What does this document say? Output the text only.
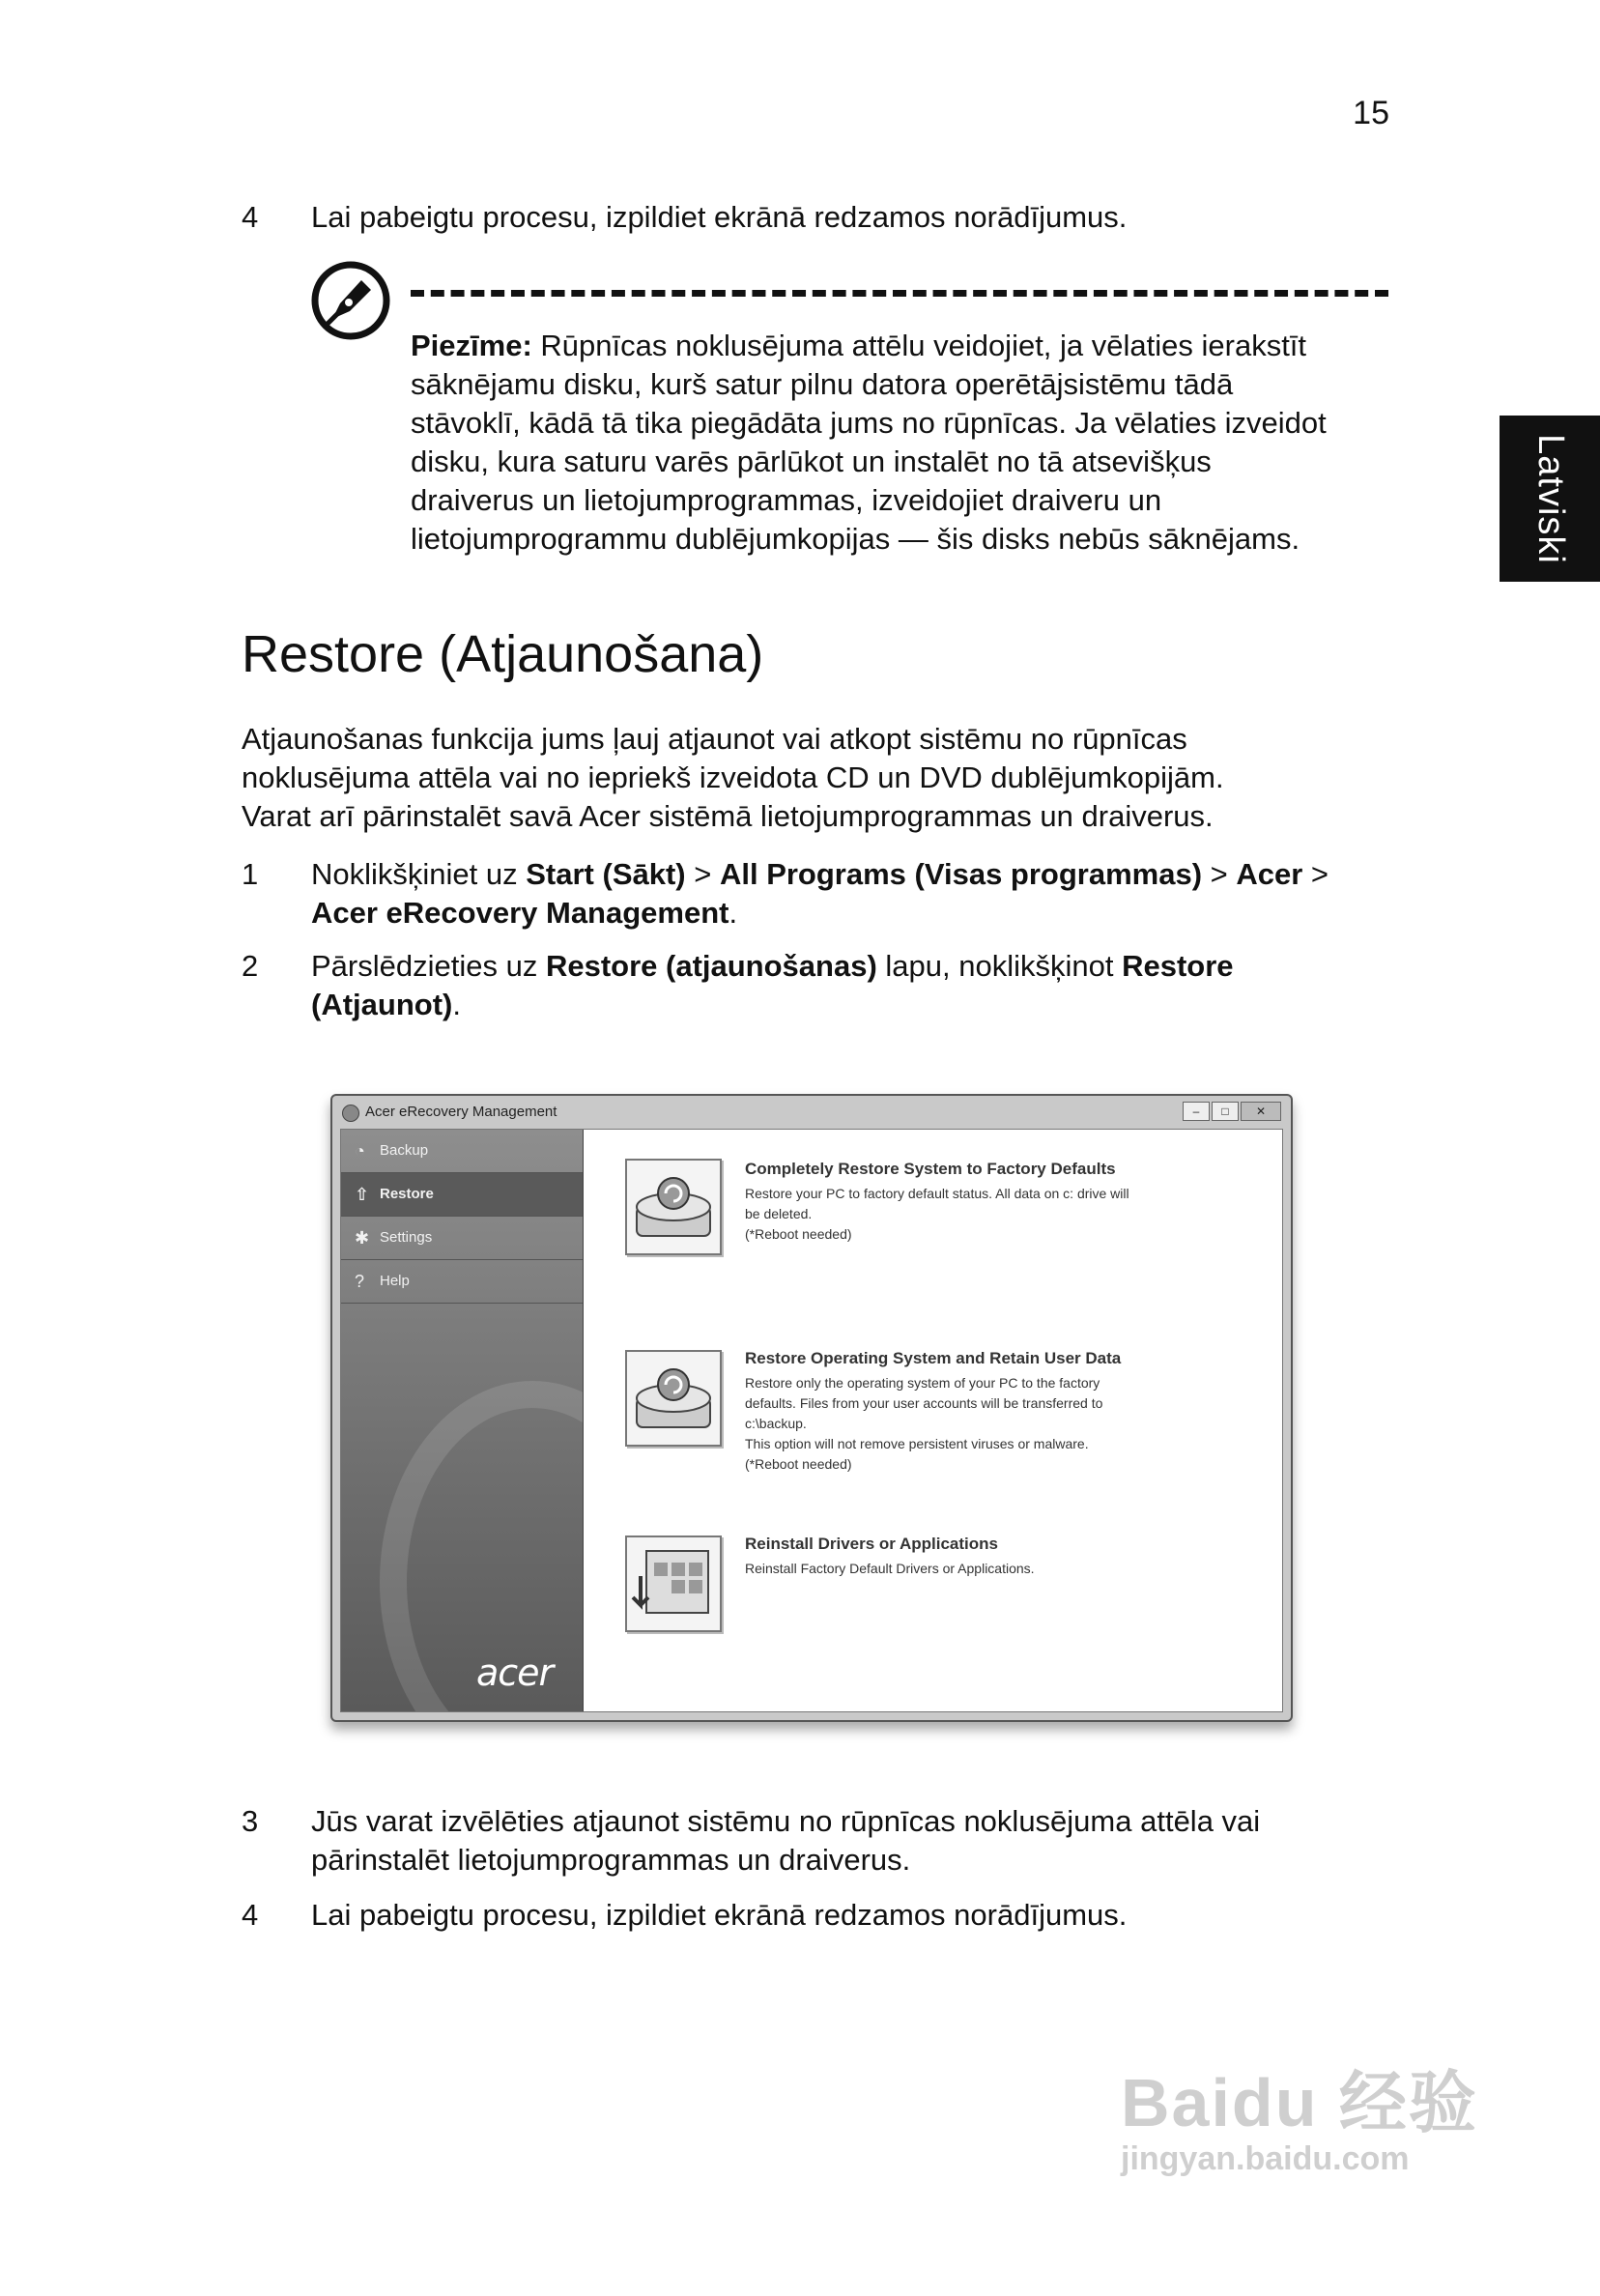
15
Latviski
4 Lai pabeigtu procesu, izpildiet ekrānā redzamos norādījumus.
Piezīme: Rūpnīcas noklusējuma attēlu veidojiet, ja vēlaties ierakstīt
sāknējamu disku, kurš satur pilnu datora operētājsistēmu tādā
stāvoklī, kādā tā tika piegādāta jums no rūpnīcas. Ja vēlaties izveidot
disku, kura saturu varēs pārlūkot un instalēt no tā atsevišķus
draiverus un lietojumprogrammas, izveidojiet draiveru un
lietojumprogrammu dublējumkopijas — šis disks nebūs sāknējams.
Restore (Atjaunošana)
Atjaunošanas funkcija jums ļauj atjaunot vai atkopt sistēmu no rūpnīcas
noklusējuma attēla vai no iepriekš izveidota CD un DVD dublējumkopijām.
Varat arī pārinstalēt savā Acer sistēmā lietojumprogrammas un draiverus.
1 Noklikšķiniet uz Start (Sākt) > All Programs (Visas programmas) > Acer >
Acer eRecovery Management.
2 Pārslēdzieties uz Restore (atjaunošanas) lapu, noklikšķinot Restore
(Atjaunot).
Acer eRecovery Management	–	□	✕
◔ Backup
⇧ Restore
✱ Settings
? Help
acer
Completely Restore System to Factory Defaults
Restore your PC to factory default status. All data on c: drive will
be deleted.
(*Reboot needed)
Restore Operating System and Retain User Data
Restore only the operating system of your PC to the factory
defaults. Files from your user accounts will be transferred to
c:\backup.
This option will not remove persistent viruses or malware.
(*Reboot needed)
Reinstall Drivers or Applications
Reinstall Factory Default Drivers or Applications.
3 Jūs varat izvēlēties atjaunot sistēmu no rūpnīcas noklusējuma attēla vai
pārinstalēt lietojumprogrammas un draiverus.
4 Lai pabeigtu procesu, izpildiet ekrānā redzamos norādījumus.
Baidu 经验
jingyan.baidu.com
